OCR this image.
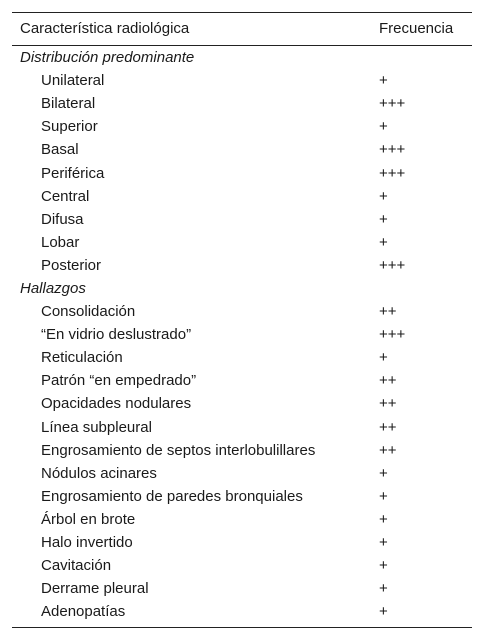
Característica radiológica	Frecuencia
Distribución predominante	
Unilateral	+
Bilateral	+++
Superior	+
Basal	+++
Periférica	+++
Central	+
Difusa	+
Lobar	+
Posterior	+++
Hallazgos	
Consolidación	++
“En vidrio deslustrado”	+++
Reticulación	+
Patrón “en empedrado”	++
Opacidades nodulares	++
Línea subpleural	++
Engrosamiento de septos interlobulillares	++
Nódulos acinares	+
Engrosamiento de paredes bronquiales	+
Árbol en brote	+
Halo invertido	+
Cavitación	+
Derrame pleural	+
Adenopatías	+
